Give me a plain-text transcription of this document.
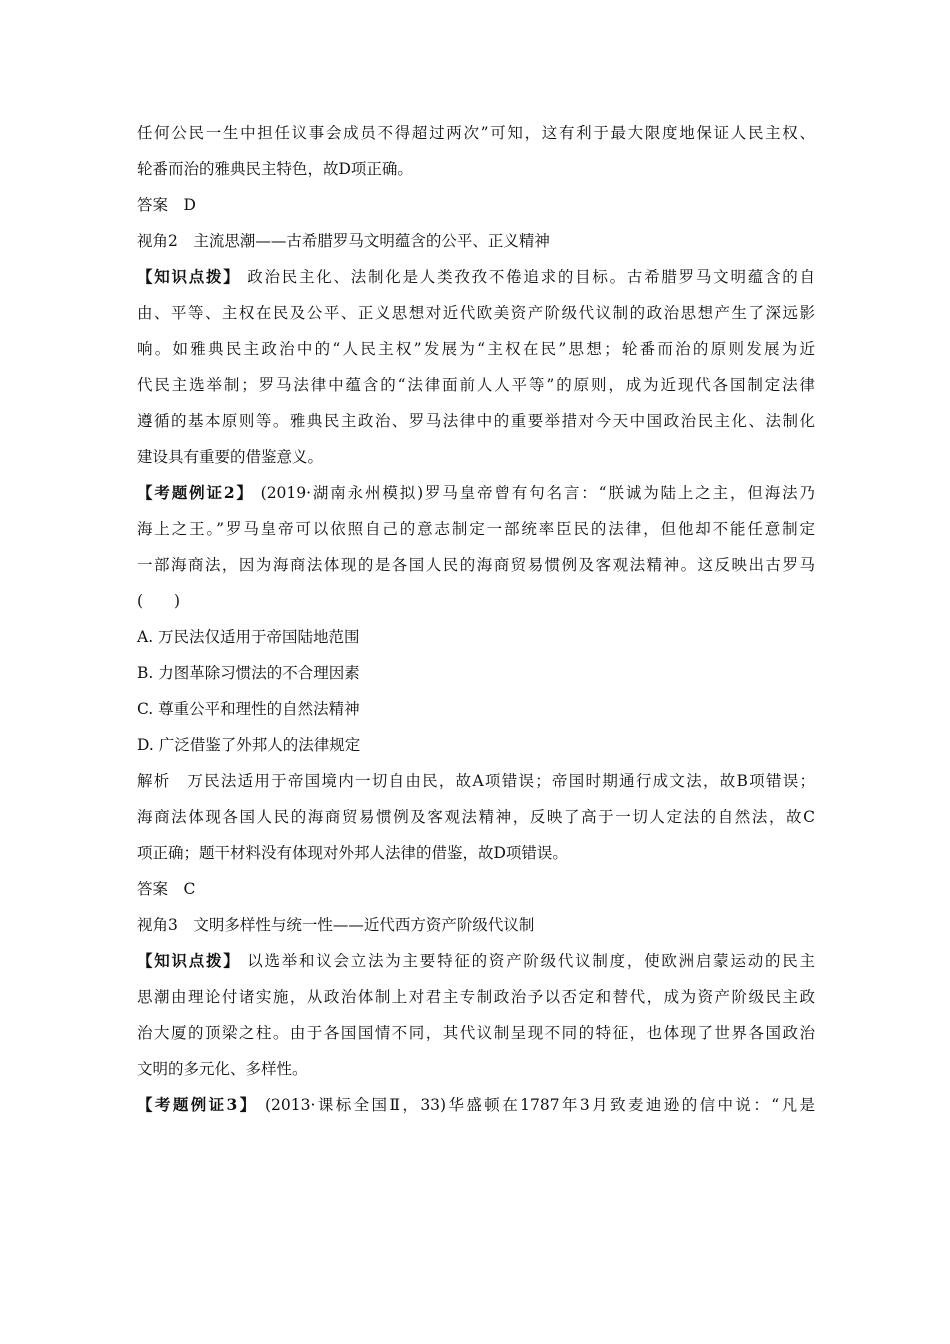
任何公民一生中担任议事会成员不得超过两次”可知，这有利于最大限度地保证人民主权、
轮番而治的雅典民主特色，故D项正确。
答案　D
视角2　主流思潮——古希腊罗马文明蕴含的公平、正义精神
【知识点拨】 政治民主化、法制化是人类孜孜不倦追求的目标。古希腊罗马文明蕴含的自
由、平等、主权在民及公平、正义思想对近代欧美资产阶级代议制的政治思想产生了深远影
响。如雅典民主政治中的“人民主权”发展为“主权在民”思想；轮番而治的原则发展为近
代民主选举制；罗马法律中蕴含的“法律面前人人平等”的原则，成为近现代各国制定法律
遵循的基本原则等。雅典民主政治、罗马法律中的重要举措对今天中国政治民主化、法制化
建设具有重要的借鉴意义。
【考题例证2】 (2019·湖南永州模拟)罗马皇帝曾有句名言：“朕诚为陆上之主，但海法乃
海上之王。”罗马皇帝可以依照自己的意志制定一部统率臣民的法律，但他却不能任意制定
一部海商法，因为海商法体现的是各国人民的海商贸易惯例及客观法精神。这反映出古罗马
(　　)
A. 万民法仅适用于帝国陆地范围
B. 力图革除习惯法的不合理因素
C. 尊重公平和理性的自然法精神
D. 广泛借鉴了外邦人的法律规定
解析　万民法适用于帝国境内一切自由民，故A项错误；帝国时期通行成文法，故B项错误；
海商法体现各国人民的海商贸易惯例及客观法精神，反映了高于一切人定法的自然法，故C
项正确；题干材料没有体现对外邦人法律的借鉴，故D项错误。
答案　C
视角3　文明多样性与统一性——近代西方资产阶级代议制
【知识点拨】 以选举和议会立法为主要特征的资产阶级代议制度，使欧洲启蒙运动的民主
思潮由理论付诸实施，从政治体制上对君主专制政治予以否定和替代，成为资产阶级民主政
治大厦的顶梁之柱。由于各国国情不同，其代议制呈现不同的特征，也体现了世界各国政治
文明的多元化、多样性。
【考题例证3】 (2013·课标全国Ⅱ，33)华盛顿在1787年3月致麦迪逊的信中说：“凡是
